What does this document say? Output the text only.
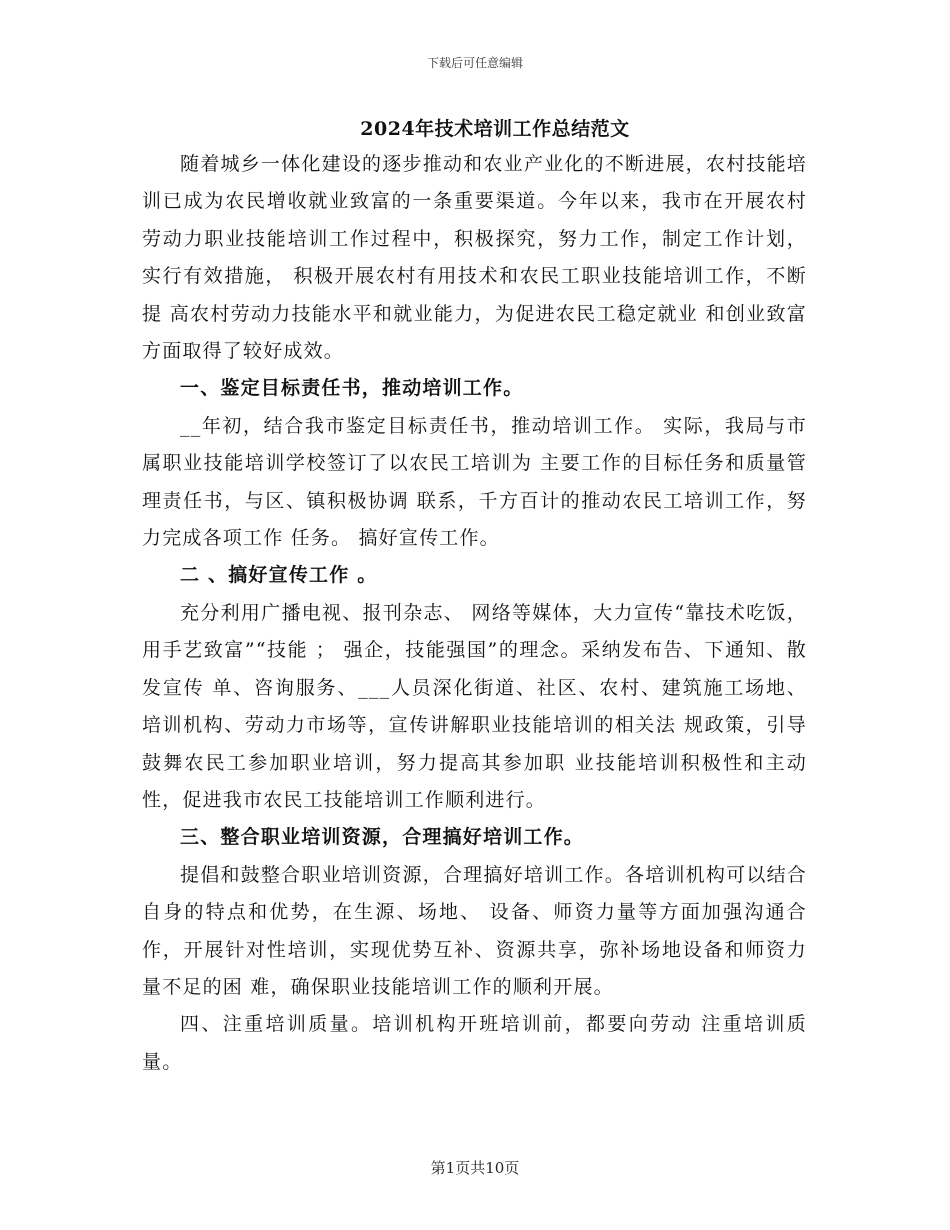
下载后可任意编辑
2024年技术培训工作总结范文

随着城乡一体化建设的逐步推动和农业产业化的不断进展，农村技能培训已成为农民增收就业致富的一条重要渠道。今年以来，我市在开展农村劳动力职业技能培训工作过程中，积极探究，努力工作，制定工作计划，实行有效措施， 积极开展农村有用技术和农民工职业技能培训工作，不断提 高农村劳动力技能水平和就业能力，为促进农民工稳定就业 和创业致富方面取得了较好成效。

一、鉴定目标责任书，推动培训工作。

__年初，结合我市鉴定目标责任书，推动培训工作。 实际，我局与市属职业技能培训学校签订了以农民工培训为 主要工作的目标任务和质量管理责任书，与区、镇积极协调 联系，千方百计的推动农民工培训工作，努力完成各项工作 任务。 搞好宣传工作。

二 、搞好宣传工作 。

充分利用广播电视、报刊杂志、 网络等媒体，大力宣传“靠技术吃饭，用手艺致富”“技能 ； 强企，技能强国”的理念。采纳发布告、下通知、散发宣传 单、咨询服务、___人员深化街道、社区、农村、建筑施工场地、 培训机构、劳动力市场等，宣传讲解职业技能培训的相关法 规政策，引导鼓舞农民工参加职业培训，努力提高其参加职 业技能培训积极性和主动性，促进我市农民工技能培训工作顺利进行。

三、整合职业培训资源，合理搞好培训工作。

提倡和鼓整合职业培训资源，合理搞好培训工作。各培训机构可以结合自身的特点和优势，在生源、场地、 设备、师资力量等方面加强沟通合作，开展针对性培训，实现优势互补、资源共享，弥补场地设备和师资力量不足的困 难，确保职业技能培训工作的顺利开展。

四、注重培训质量。培训机构开班培训前，都要向劳动 注重培训质量。

第1页共10页
